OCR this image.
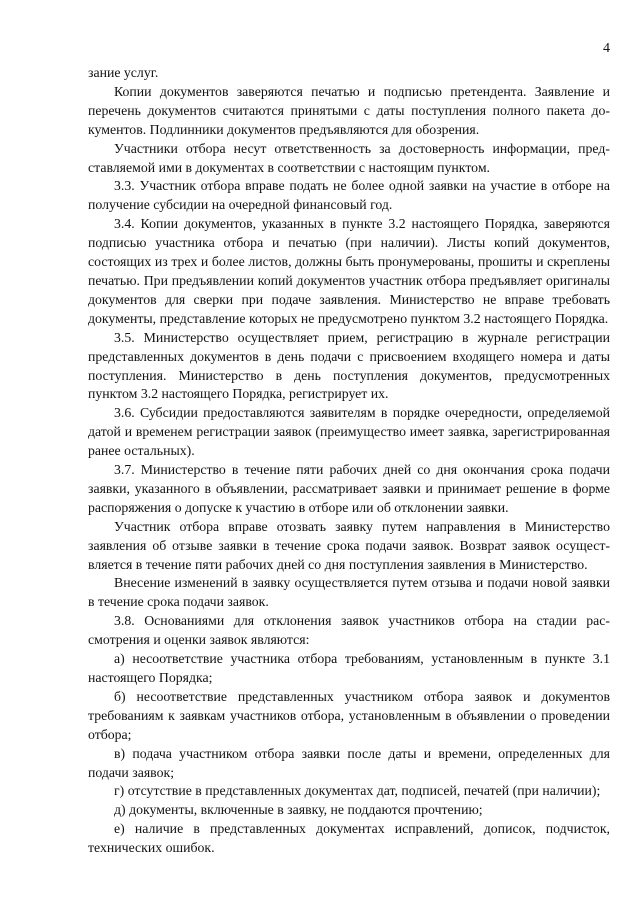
4

зание услуг.

Копии документов заверяются печатью и подписью претендента. Заявление и перечень документов считаются принятыми с даты поступления полного пакета документов. Подлинники документов предъявляются для обозрения.

Участники отбора несут ответственность за достоверность информации, представляемой ими в документах в соответствии с настоящим пунктом.

3.3. Участник отбора вправе подать не более одной заявки на участие в отборе на получение субсидии на очередной финансовый год.

3.4. Копии документов, указанных в пункте 3.2 настоящего Порядка, заверяются подписью участника отбора и печатью (при наличии). Листы копий документов, состоящих из трех и более листов, должны быть пронумерованы, прошиты и скреплены печатью. При предъявлении копий документов участник отбора предъявляет оригиналы документов для сверки при подаче заявления. Министерство не вправе требовать документы, представление которых не предусмотрено пунктом 3.2 настоящего Порядка.

3.5. Министерство осуществляет прием, регистрацию в журнале регистрации представленных документов в день подачи с присвоением входящего номера и даты поступления. Министерство в день поступления документов, предусмотренных пунктом 3.2 настоящего Порядка, регистрирует их.

3.6. Субсидии предоставляются заявителям в порядке очередности, определяемой датой и временем регистрации заявок (преимущество имеет заявка, зарегистрированная ранее остальных).

3.7. Министерство в течение пяти рабочих дней со дня окончания срока подачи заявки, указанного в объявлении, рассматривает заявки и принимает решение в форме распоряжения о допуске к участию в отборе или об отклонении заявки.

Участник отбора вправе отозвать заявку путем направления в Министерство заявления об отзыве заявки в течение срока подачи заявок. Возврат заявок осуществляется в течение пяти рабочих дней со дня поступления заявления в Министерство.

Внесение изменений в заявку осуществляется путем отзыва и подачи новой заявки в течение срока подачи заявок.

3.8. Основаниями для отклонения заявок участников отбора на стадии рассмотрения и оценки заявок являются:

а) несоответствие участника отбора требованиям, установленным в пункте 3.1 настоящего Порядка;

б) несоответствие представленных участником отбора заявок и документов требованиям к заявкам участников отбора, установленным в объявлении о проведении отбора;

в) подача участником отбора заявки после даты и времени, определенных для подачи заявок;

г) отсутствие в представленных документах дат, подписей, печатей (при наличии);

д) документы, включенные в заявку, не поддаются прочтению;

е) наличие в представленных документах исправлений, дописок, подчисток, технических ошибок.
